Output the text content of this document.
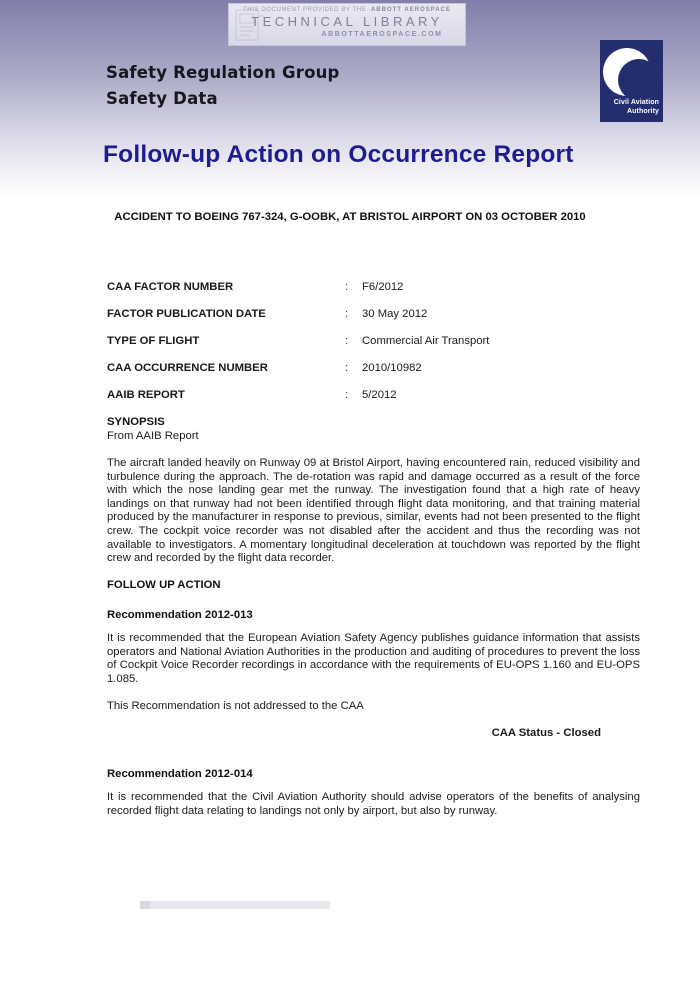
THIS DOCUMENT PROVIDED BY THE ABBOTT AEROSPACE
TECHNICAL LIBRARY
ABBOTTAEROSPACE.COM
Safety Regulation Group
Safety Data	Civil Aviation
Authority
Follow-up Action on Occurrence Report
ACCIDENT TO BOEING 767-324, G-OOBK, AT BRISTOL AIRPORT ON 03 OCTOBER 2010
CAA FACTOR NUMBER	: F6/2012
FACTOR PUBLICATION DATE	: 30 May 2012
TYPE OF FLIGHT	: Commercial Air Transport
CAA OCCURRENCE NUMBER	: 2010/10982
AAIB REPORT	: 5/2012
SYNOPSIS
From AAIB Report
The aircraft landed heavily on Runway 09 at Bristol Airport, having encountered rain, reduced visibility and turbulence during the approach. The de-rotation was rapid and damage occurred as a result of the force with which the nose landing gear met the runway. The investigation found that a high rate of heavy landings on that runway had not been identified through flight data monitoring, and that training material produced by the manufacturer in response to previous, similar, events had not been presented to the flight crew. The cockpit voice recorder was not disabled after the accident and thus the recording was not available to investigators. A momentary longitudinal deceleration at touchdown was reported by the flight crew and recorded by the flight data recorder.
FOLLOW UP ACTION
Recommendation 2012-013
It is recommended that the European Aviation Safety Agency publishes guidance information that assists operators and National Aviation Authorities in the production and auditing of procedures to prevent the loss of Cockpit Voice Recorder recordings in accordance with the requirements of EU-OPS 1.160 and EU-OPS 1.085.
This Recommendation is not addressed to the CAA
CAA Status - Closed
Recommendation 2012-014
It is recommended that the Civil Aviation Authority should advise operators of the benefits of analysing recorded flight data relating to landings not only by airport, but also by runway.
